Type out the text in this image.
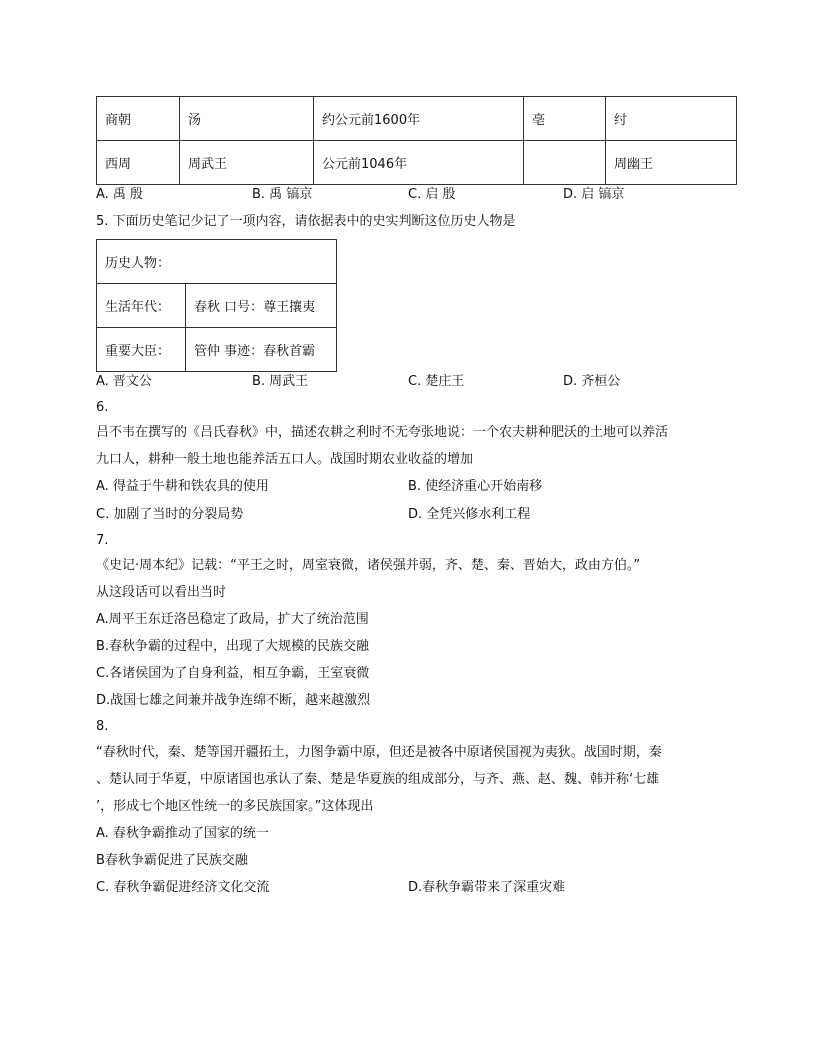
商朝	汤	约公元前1600年	亳	纣
西周	周武王	公元前1046年		周幽王
A. 禹 殷	B. 禹 镐京	C. 启 殷	D. 启 镐京
5. 下面历史笔记少记了一项内容，请依据表中的史实判断这位历史人物是
历史人物：	
生活年代：	春秋 口号：尊王攘夷
重要大臣：	管仲 事迹：春秋首霸
A. 晋文公	B. 周武王	C. 楚庄王	D. 齐桓公
6.
吕不韦在撰写的《吕氏春秋》中，描述农耕之利时不无夸张地说：一个农夫耕种肥沃的土地可以养活
九口人，耕种一般土地也能养活五口人。战国时期农业收益的增加
A. 得益于牛耕和铁农具的使用	B. 使经济重心开始南移
C. 加剧了当时的分裂局势	D. 全凭兴修水利工程
7.
《史记·周本纪》记载：“平王之时，周室衰微，诸侯强并弱，齐、楚、秦、晋始大，政由方伯。”
从这段话可以看出当时
A.周平王东迁洛邑稳定了政局，扩大了统治范围
B.春秋争霸的过程中，出现了大规模的民族交融
C.各诸侯国为了自身利益，相互争霸，王室衰微
D.战国七雄之间兼并战争连绵不断，越来越激烈
8.
“春秋时代，秦、楚等国开疆拓土，力图争霸中原，但还是被各中原诸侯国视为夷狄。战国时期，秦
、楚认同于华夏，中原诸国也承认了秦、楚是华夏族的组成部分，与齐、燕、赵、魏、韩并称‘七雄
’，形成七个地区性统一的多民族国家。”这体现出
A. 春秋争霸推动了国家的统一
B春秋争霸促进了民族交融
C. 春秋争霸促进经济文化交流	D.春秋争霸带来了深重灾难
